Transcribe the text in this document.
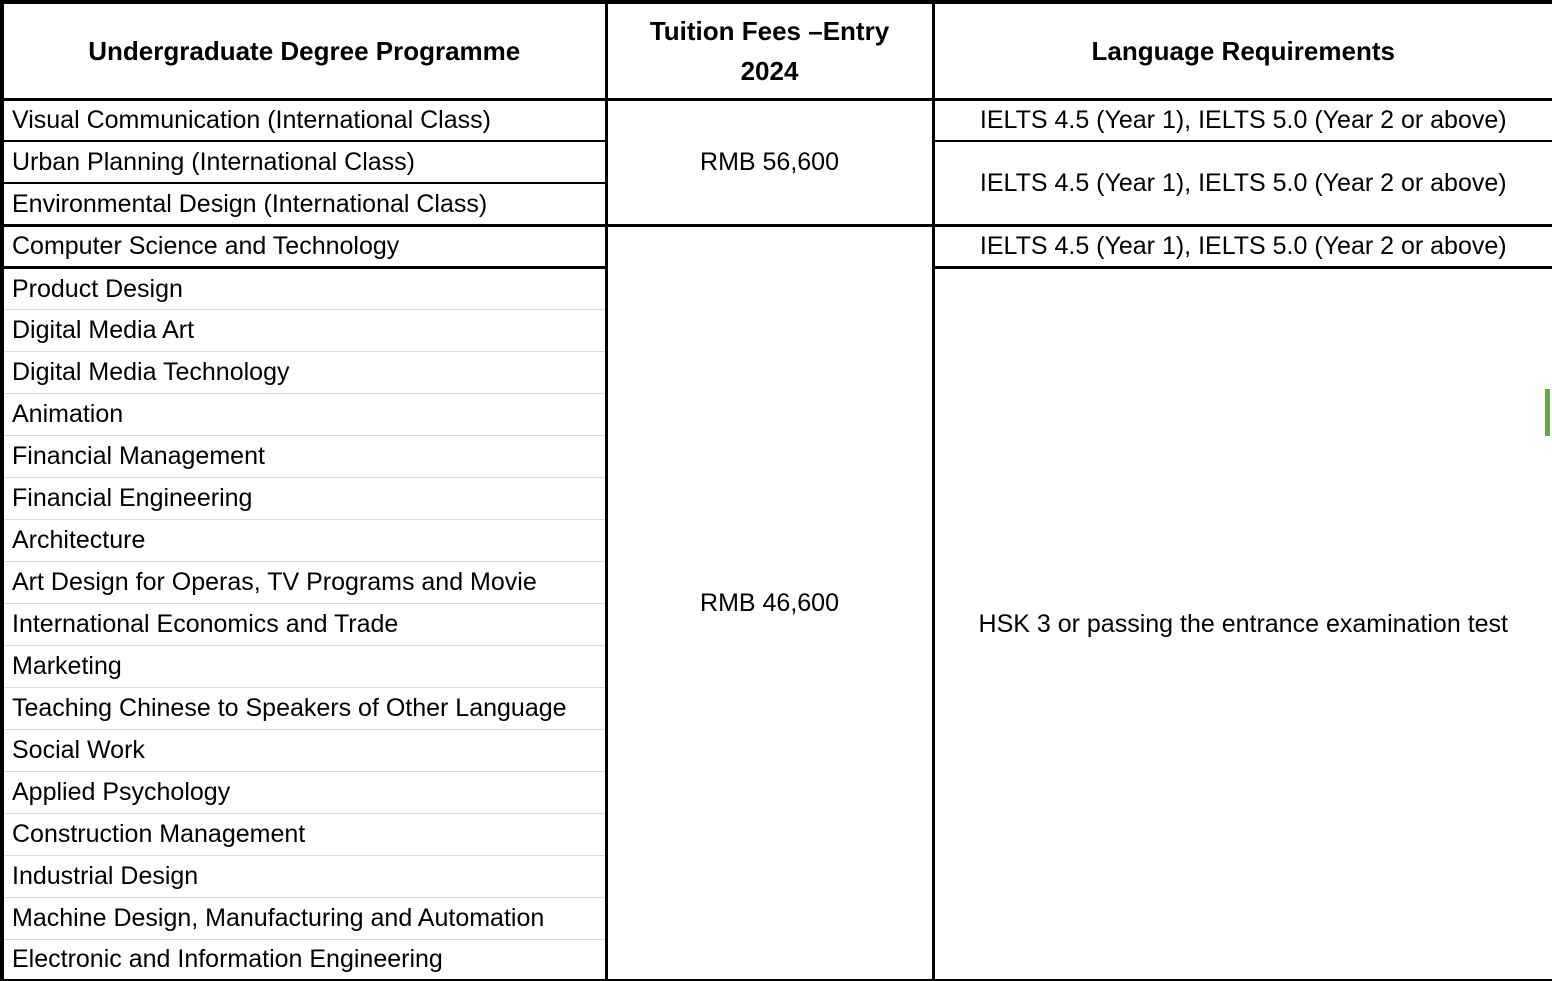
Undergraduate Degree Programme	Tuition Fees –Entry 2024	Language Requirements
Visual Communication (International Class)	RMB 56,600	IELTS 4.5 (Year 1), IELTS 5.0 (Year 2 or above)
Urban Planning (International Class)		IELTS 4.5 (Year 1), IELTS 5.0 (Year 2 or above)
Environmental Design (International Class)		
Computer Science and Technology	RMB 46,600	IELTS 4.5 (Year 1), IELTS 5.0 (Year 2 or above)
Product Design		HSK 3 or passing the entrance examination test
Digital Media Art		
Digital Media Technology		
Animation		
Financial Management		
Financial Engineering		
Architecture		
Art Design for Operas, TV Programs and Movie		
International Economics and Trade		
Marketing		
Teaching Chinese to Speakers of Other Language		
Social Work		
Applied Psychology		
Construction Management		
Industrial Design		
Machine Design, Manufacturing and Automation		
Electronic and Information Engineering		
